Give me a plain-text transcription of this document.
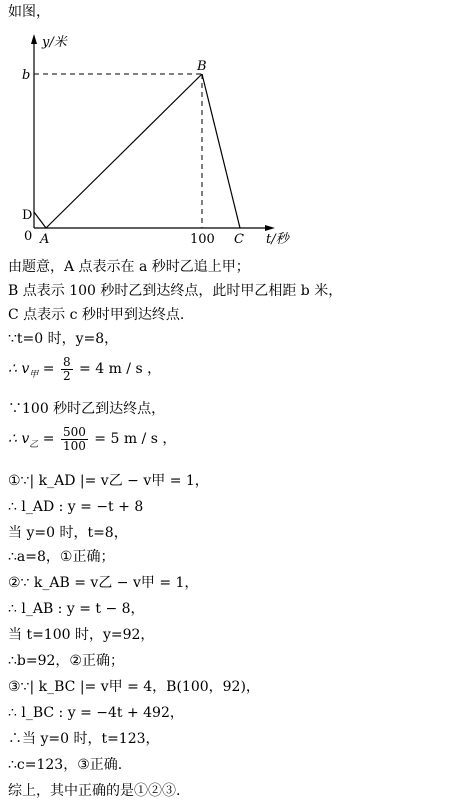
如图，
y/米
b
B
D
0 A	100 C t/秒
由题意，A 点表示在 a 秒时乙追上甲；
B 点表示 100 秒时乙到达终点，此时甲乙相距 b 米，
C 点表示 c 秒时甲到达终点.
∵t=0 时，y=8，
∴ $v_甲 = \frac{8}{2} = 4$ m / s ，
∵100 秒时乙到达终点，
∴ $v_乙 = \frac{500}{100} = 5$ m / s ，
①∵| k_AD |= v乙 − v甲 = 1，
∴ l_AD : y = −t + 8
当 y=0 时，t=8，
∴a=8，①正确；
②∵ k_AB = v乙 − v甲 = 1，
∴ l_AB : y = t − 8，
当 t=100 时，y=92，
∴b=92，②正确；
③∵| k_BC |= v甲 = 4，B(100，92)，
∴ l_BC : y = −4t + 492，
∴当 y=0 时，t=123，
∴c=123，③正确.
综上，其中正确的是①②③.
